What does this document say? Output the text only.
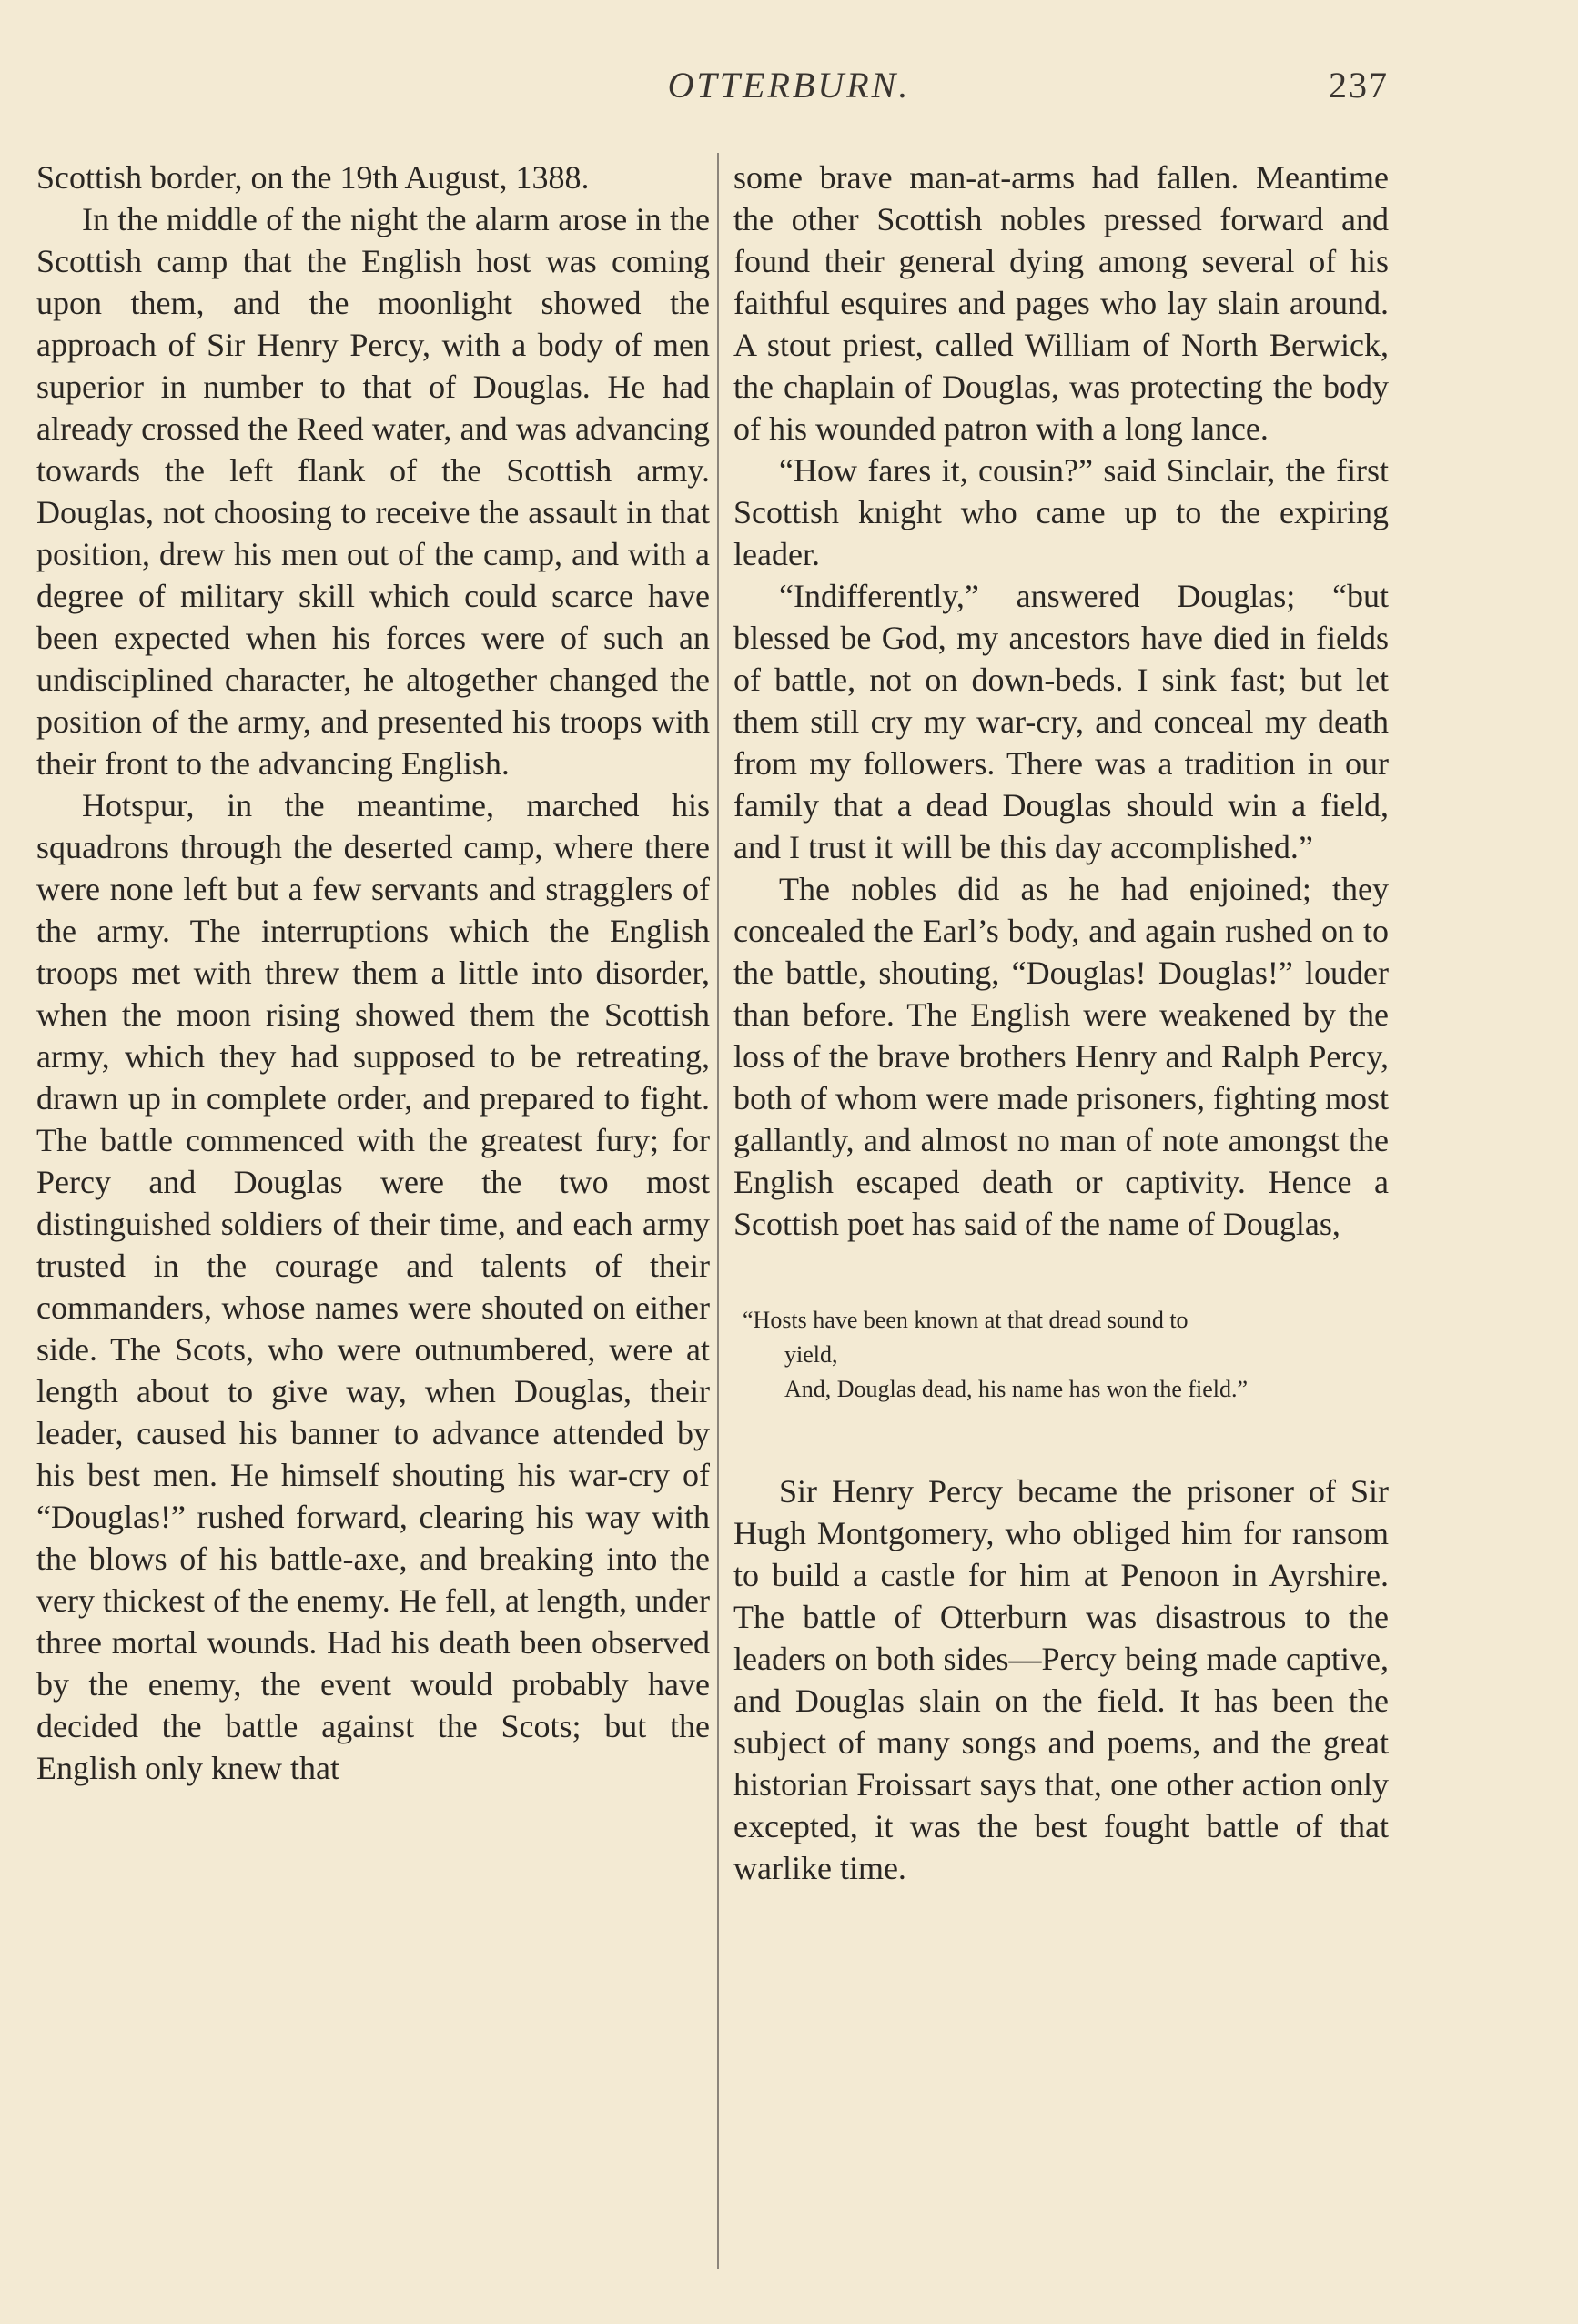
OTTERBURN.	237

Scottish border, on the 19th August, 1388.

In the middle of the night the alarm arose in the Scottish camp that the English host was coming upon them, and the moonlight showed the approach of Sir Henry Percy, with a body of men superior in number to that of Douglas. He had already crossed the Reed water, and was advancing towards the left flank of the Scottish army. Douglas, not choosing to receive the assault in that position, drew his men out of the camp, and with a degree of military skill which could scarce have been expected when his forces were of such an undisciplined character, he altogether changed the position of the army, and presented his troops with their front to the advancing English.

Hotspur, in the meantime, marched his squadrons through the deserted camp, where there were none left but a few servants and stragglers of the army. The interruptions which the English troops met with threw them a little into disorder, when the moon rising showed them the Scottish army, which they had supposed to be retreating, drawn up in complete order, and prepared to fight. The battle commenced with the greatest fury; for Percy and Douglas were the two most distinguished soldiers of their time, and each army trusted in the courage and talents of their commanders, whose names were shouted on either side. The Scots, who were outnumbered, were at length about to give way, when Douglas, their leader, caused his banner to advance attended by his best men. He himself shouting his war-cry of “Douglas!” rushed forward, clearing his way with the blows of his battle-axe, and breaking into the very thickest of the enemy. He fell, at length, under three mortal wounds. Had his death been observed by the enemy, the event would probably have decided the battle against the Scots; but the English only knew that

some brave man-at-arms had fallen. Meantime the other Scottish nobles pressed forward and found their general dying among several of his faithful esquires and pages who lay slain around. A stout priest, called William of North Berwick, the chaplain of Douglas, was protecting the body of his wounded patron with a long lance.

“How fares it, cousin?” said Sinclair, the first Scottish knight who came up to the expiring leader.

“Indifferently,” answered Douglas; “but blessed be God, my ancestors have died in fields of battle, not on down-beds. I sink fast; but let them still cry my war-cry, and conceal my death from my followers. There was a tradition in our family that a dead Douglas should win a field, and I trust it will be this day accomplished.”

The nobles did as he had enjoined; they concealed the Earl’s body, and again rushed on to the battle, shouting, “Douglas! Douglas!” louder than before. The English were weakened by the loss of the brave brothers Henry and Ralph Percy, both of whom were made prisoners, fighting most gallantly, and almost no man of note amongst the English escaped death or captivity. Hence a Scottish poet has said of the name of Douglas,

“Hosts have been known at that dread sound to
yield,
And, Douglas dead, his name has won the field.”

Sir Henry Percy became the prisoner of Sir Hugh Montgomery, who obliged him for ransom to build a castle for him at Penoon in Ayrshire. The battle of Otterburn was disastrous to the leaders on both sides—Percy being made captive, and Douglas slain on the field. It has been the subject of many songs and poems, and the great historian Froissart says that, one other action only excepted, it was the best fought battle of that warlike time.
